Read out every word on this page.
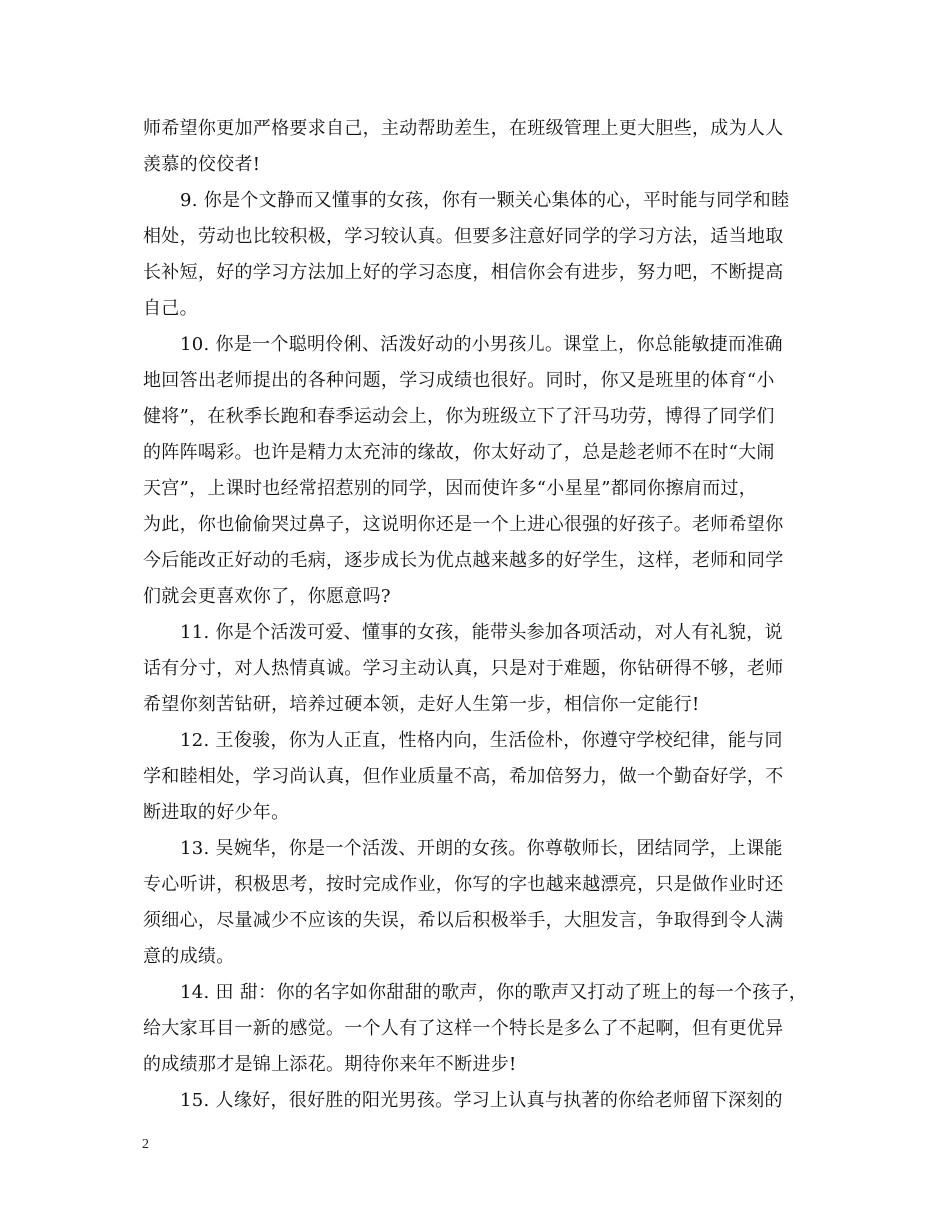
师希望你更加严格要求自己，主动帮助差生，在班级管理上更大胆些，成为人人
羡慕的佼佼者!
9. 你是个文静而又懂事的女孩，你有一颗关心集体的心，平时能与同学和睦
相处，劳动也比较积极，学习较认真。但要多注意好同学的学习方法，适当地取
长补短，好的学习方法加上好的学习态度，相信你会有进步，努力吧，不断提高
自己。
10. 你是一个聪明伶俐、活泼好动的小男孩儿。课堂上，你总能敏捷而准确
地回答出老师提出的各种问题，学习成绩也很好。同时，你又是班里的体育“小
健将”，在秋季长跑和春季运动会上，你为班级立下了汗马功劳，博得了同学们
的阵阵喝彩。也许是精力太充沛的缘故，你太好动了，总是趁老师不在时“大闹
天宫”，上课时也经常招惹别的同学，因而使许多“小星星”都同你擦肩而过，
为此，你也偷偷哭过鼻子，这说明你还是一个上进心很强的好孩子。老师希望你
今后能改正好动的毛病，逐步成长为优点越来越多的好学生，这样，老师和同学
们就会更喜欢你了，你愿意吗?
11. 你是个活泼可爱、懂事的女孩，能带头参加各项活动，对人有礼貌，说
话有分寸，对人热情真诚。学习主动认真，只是对于难题，你钻研得不够，老师
希望你刻苦钻研，培养过硬本领，走好人生第一步，相信你一定能行!
12. 王俊骏，你为人正直，性格内向，生活俭朴，你遵守学校纪律，能与同
学和睦相处，学习尚认真，但作业质量不高，希加倍努力，做一个勤奋好学，不
断进取的好少年。
13. 吴婉华，你是一个活泼、开朗的女孩。你尊敬师长，团结同学，上课能
专心听讲，积极思考，按时完成作业，你写的字也越来越漂亮，只是做作业时还
须细心，尽量减少不应该的失误，希以后积极举手，大胆发言，争取得到令人满
意的成绩。
14. 田 甜：你的名字如你甜甜的歌声，你的歌声又打动了班上的每一个孩子，
给大家耳目一新的感觉。一个人有了这样一个特长是多么了不起啊，但有更优异
的成绩那才是锦上添花。期待你来年不断进步!
15. 人缘好，很好胜的阳光男孩。学习上认真与执著的你给老师留下深刻的
2
